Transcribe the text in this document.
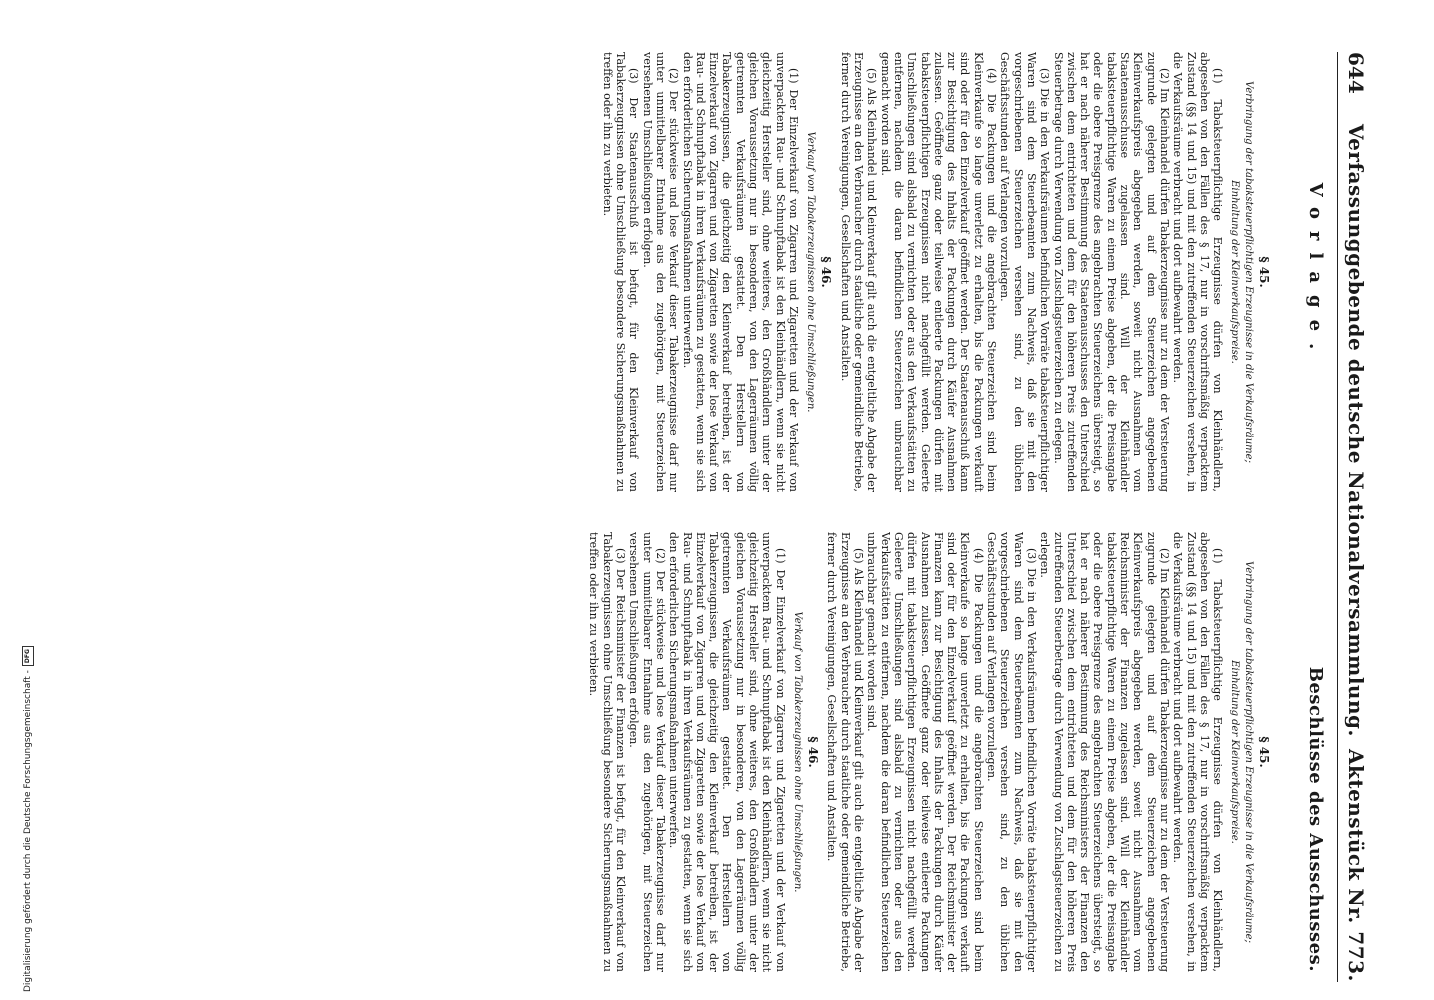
644
Verfassunggebende deutsche Nationalversammlung.
Aktenstück Nr. 773.
Vorlage.
Beschlüsse des Ausschusses.
§ 45.
Verbringung der tabaksteuerpflichtigen Erzeugnisse in die Verkaufsräume; Einhaltung der Kleinverkaufspreise.

(1) Tabaksteuerpflichtige Erzeugnisse dürfen von Kleinhändlern, abgesehen von den Fällen des § 17, nur in vorschriftsmäßig verpacktem Zustand (§§ 14 und 15) und mit den zutreffenden Steuerzeichen versehen, in die Verkaufsräume verbracht und dort aufbewahrt werden.

(2) Im Kleinhandel dürfen Tabakerzeugnisse nur zu dem der Versteuerung zugrunde gelegten und auf dem Steuerzeichen angegebenen Kleinverkaufspreis abgegeben werden, soweit nicht Ausnahmen vom Staatenausschusse zugelassen sind. Will der Kleinhändler tabaksteuerpflichtige Waren zu einem Preise abgeben, der die Preisangabe oder die obere Preisgrenze des angebrachten Steuerzeichens übersteigt, so hat er nach näherer Bestimmung des Staatenausschusses den Unterschied zwischen dem entrichteten und dem für den höheren Preis zutreffenden Steuerbetrage durch Verwendung von Zuschlagsteuerzeichen zu erlegen.

(3) Die in den Verkaufsräumen befindlichen Vorräte tabaksteuerpflichtiger Waren sind dem Steuerbeamten zum Nachweis, daß sie mit den vorgeschriebenen Steuerzeichen versehen sind, zu den üblichen Geschäftsstunden auf Verlangen vorzulegen.

(4) Die Packungen und die angebrachten Steuerzeichen sind beim Kleinverkaufe so lange unverletzt zu erhalten, bis die Packungen verkauft sind oder für den Einzelverkauf geöffnet werden. Der Staatenausschuß kann zur Besichtigung des Inhalts der Packungen durch Käufer Ausnahmen zulassen. Geöffnete ganz oder teilweise entleerte Packungen dürfen mit tabaksteuerpflichtigen Erzeugnissen nicht nachgefüllt werden. Geleerte Umschließungen sind alsbald zu vernichten oder aus den Verkaufsstätten zu entfernen, nachdem die daran befindlichen Steuerzeichen unbrauchbar gemacht worden sind.

(5) Als Kleinhandel und Kleinverkauf gilt auch die entgeltliche Abgabe der Erzeugnisse an den Verbraucher durch staatliche oder gemeindliche Betriebe, ferner durch Vereinigungen, Gesellschaften und Anstalten.

§ 46.
Verkauf von Tabakerzeugnissen ohne Umschließungen.

(1) Der Einzelverkauf von Zigarren und Zigaretten und der Verkauf von unverpacktem Rau- und Schnupftabak ist den Kleinhändlern, wenn sie nicht gleichzeitig Hersteller sind, ohne weiteres, den Großhändlern unter der gleichen Voraussetzung nur in besonderen, von den Lagerräumen völlig getrennten Verkaufsräumen gestattet. Den Herstellern von Tabakerzeugnissen, die gleichzeitig den Kleinverkauf betreiben, ist der Einzelverkauf von Zigarren und von Zigaretten sowie der lose Verkauf von Rau- und Schnupftabak in ihren Verkaufsräumen zu gestatten, wenn sie sich den erforderlichen Sicherungsmaßnahmen unterwerfen.

(2) Der stückweise und lose Verkauf dieser Tabakerzeugnisse darf nur unter unmittelbarer Entnahme aus den zugehörigen, mit Steuerzeichen versehenen Umschließungen erfolgen.

(3) Der Staatenausschuß ist befugt, für den Kleinverkauf von Tabakerzeugnissen ohne Umschließung besondere Sicherungsmaßnahmen zu treffen oder ihn zu verbieten.

§ 45.
Verbringung der tabaksteuerpflichtigen Erzeugnisse in die Verkaufsräume; Einhaltung der Kleinverkaufspreise.

(1) Tabaksteuerpflichtige Erzeugnisse dürfen von Kleinhändlern, abgesehen von den Fällen des § 17, nur in vorschriftsmäßig verpacktem Zustand (§§ 14 und 15) und mit den zutreffenden Steuerzeichen versehen, in die Verkaufsräume verbracht und dort aufbewahrt werden.

(2) Im Kleinhandel dürfen Tabakerzeugnisse nur zu dem der Versteuerung zugrunde gelegten und auf dem Steuerzeichen angegebenen Kleinverkaufspreis abgegeben werden, soweit nicht Ausnahmen vom Reichsminister der Finanzen zugelassen sind. Will der Kleinhändler tabaksteuerpflichtige Waren zu einem Preise abgeben, der die Preisangabe oder die obere Preisgrenze des angebrachten Steuerzeichens übersteigt, so hat er nach näherer Bestimmung des Reichsministers der Finanzen den Unterschied zwischen dem entrichteten und dem für den höheren Preis zutreffenden Steuerbetrage durch Verwendung von Zuschlagsteuerzeichen zu erlegen.

(3) Die in den Verkaufsräumen befindlichen Vorräte tabaksteuerpflichtiger Waren sind dem Steuerbeamten zum Nachweis, daß sie mit den vorgeschriebenen Steuerzeichen versehen sind, zu den üblichen Geschäftsstunden auf Verlangen vorzulegen.

(4) Die Packungen und die angebrachten Steuerzeichen sind beim Kleinverkaufe so lange unverletzt zu erhalten, bis die Packungen verkauft sind oder für den Einzelverkauf geöffnet werden. Der Reichsminister der Finanzen kann zur Besichtigung des Inhalts der Packungen durch Käufer Ausnahmen zulassen. Geöffnete ganz oder teilweise entleerte Packungen dürfen mit tabaksteuerpflichtigen Erzeugnissen nicht nachgefüllt werden. Geleerte Umschließungen sind alsbald zu vernichten oder aus den Verkaufsstätten zu entfernen, nachdem die daran befindlichen Steuerzeichen unbrauchbar gemacht worden sind.

(5) Als Kleinhandel und Kleinverkauf gilt auch die entgeltliche Abgabe der Erzeugnisse an den Verbraucher durch staatliche oder gemeindliche Betriebe, ferner durch Vereinigungen, Gesellschaften und Anstalten.

§ 46.
Verkauf von Tabakerzeugnissen ohne Umschließungen.

(1) Der Einzelverkauf von Zigarren und Zigaretten und der Verkauf von unverpacktem Rau- und Schnupftabak ist den Kleinhändlern, wenn sie nicht gleichzeitig Hersteller sind, ohne weiteres, den Großhändlern unter der gleichen Voraussetzung nur in besonderen, von den Lagerräumen völlig getrennten Verkaufsräumen gestattet. Den Herstellern von Tabakerzeugnissen, die gleichzeitig den Kleinverkauf betreiben, ist der Einzelverkauf von Zigarren und von Zigaretten sowie der lose Verkauf von Rau- und Schnupftabak in ihren Verkaufsräumen zu gestatten, wenn sie sich den erforderlichen Sicherungsmaßnahmen unterwerfen.

(2) Der stückweise und lose Verkauf dieser Tabakerzeugnisse darf nur unter unmittelbarer Entnahme aus den zugehörigen, mit Steuerzeichen versehenen Umschließungen erfolgen.

(3) Der Reichsminister der Finanzen ist befugt, für den Kleinverkauf von Tabakerzeugnissen ohne Umschließung besondere Sicherungsmaßnahmen zu treffen oder ihn zu verbieten.

Digitalisierung gefördert durch die Deutsche Forschungsgemeinschaft -
DFG
